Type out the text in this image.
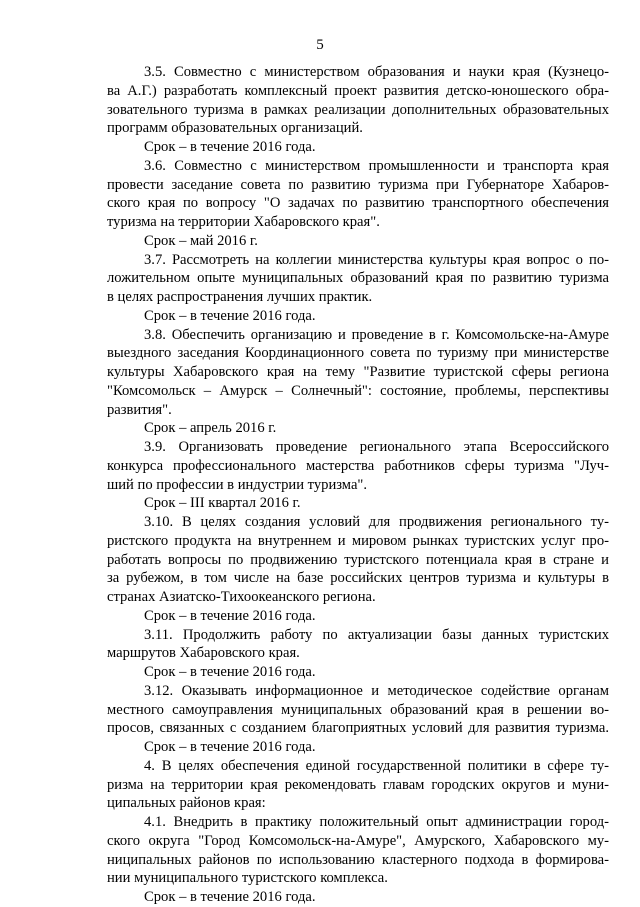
5
3.5. Совместно с министерством образования и науки края (Кузнецо-
ва А.Г.) разработать комплексный проект развития детско-юношеского обра-
зовательного туризма в рамках реализации дополнительных образовательных
программ образовательных организаций.
Срок – в течение 2016 года.
3.6. Совместно с министерством промышленности и транспорта края
провести заседание совета по развитию туризма при Губернаторе Хабаров-
ского края по вопросу "О задачах по развитию транспортного обеспечения
туризма на территории Хабаровского края".
Срок – май 2016 г.
3.7. Рассмотреть на коллегии министерства культуры края вопрос о по-
ложительном опыте муниципальных образований края по развитию туризма
в целях распространения лучших практик.
Срок – в течение 2016 года.
3.8. Обеспечить организацию и проведение в г. Комсомольске-на-Амуре
выездного заседания Координационного совета по туризму при министерстве
культуры Хабаровского края на тему "Развитие туристской сферы региона
"Комсомольск – Амурск – Солнечный": состояние, проблемы, перспективы
развития".
Срок – апрель 2016 г.
3.9. Организовать проведение регионального этапа Всероссийского
конкурса профессионального мастерства работников сферы туризма "Луч-
ший по профессии в индустрии туризма".
Срок – III квартал 2016 г.
3.10. В целях создания условий для продвижения регионального ту-
ристского продукта на внутреннем и мировом рынках туристских услуг про-
работать вопросы по продвижению туристского потенциала края в стране и
за рубежом, в том числе на базе российских центров туризма и культуры в
странах Азиатско-Тихоокеанского региона.
Срок – в течение 2016 года.
3.11. Продолжить работу по актуализации базы данных туристских
маршрутов Хабаровского края.
Срок – в течение 2016 года.
3.12. Оказывать информационное и методическое содействие органам
местного самоуправления муниципальных образований края в решении во-
просов, связанных с созданием благоприятных условий для развития туризма.
Срок – в течение 2016 года.
4. В целях обеспечения единой государственной политики в сфере ту-
ризма на территории края рекомендовать главам городских округов и муни-
ципальных районов края:
4.1. Внедрить в практику положительный опыт администрации город-
ского округа "Город Комсомольск-на-Амуре", Амурского, Хабаровского му-
ниципальных районов по использованию кластерного подхода в формирова-
нии муниципального туристского комплекса.
Срок – в течение 2016 года.
